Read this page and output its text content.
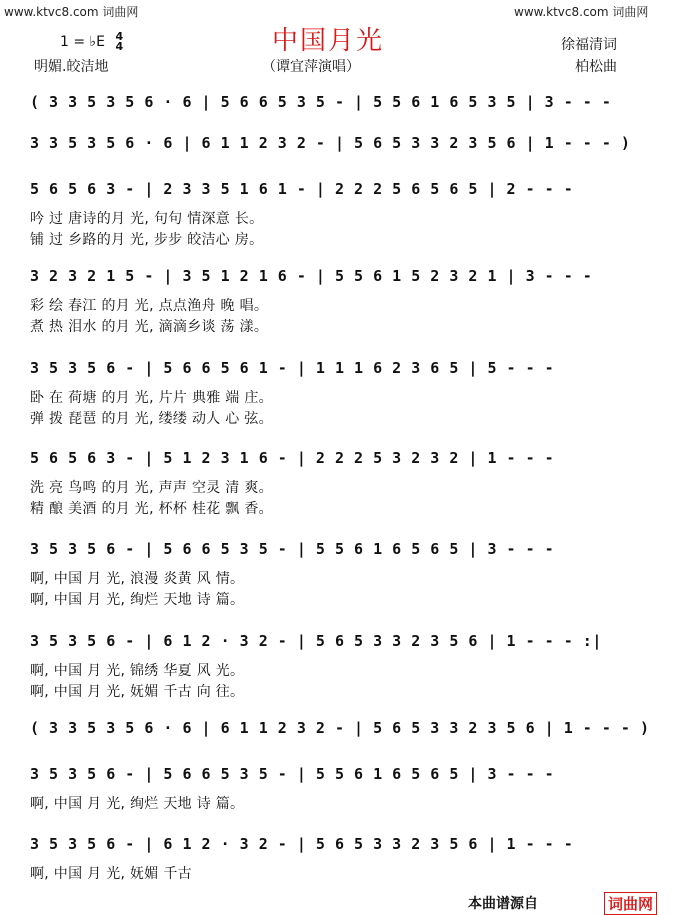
www.ktvc8.com 词曲网	www.ktvc8.com 词曲网
中国月光
1 = ♭E 4
4
明媚.皎洁地	（谭宜萍演唱）
徐福清词
柏松曲
( 3 3 5 3 5 6 · 6 | 5 6 6 5 3 5 - | 5 5 6 1 6 5 3 5 | 3 - - -
3 3 5 3 5 6 · 6 | 6 1 1 2 3 2 - | 5 6 5 3 3 2 3 5 6 | 1 - - - )
5 6 5 6 3 - | 2 3 3 5 1 6 1 - | 2 2 2 5 6 5 6 5 | 2 - - -
吟 过 唐诗的月 光, 句句 情深意 长。
铺 过 乡路的月 光, 步步 皎洁心 房。
3 2 3 2 1 5 - | 3 5 1 2 1 6 - | 5 5 6 1 5 2 3 2 1 | 3 - - -
彩 绘 春江 的月 光, 点点渔舟 晚 唱。
煮 热 泪水 的月 光, 滴滴乡谈 荡 漾。
3 5 3 5 6 - | 5 6 6 5 6 1 - | 1 1 1 6 2 3 6 5 | 5 - - -
卧 在 荷塘 的月 光, 片片 典雅 端 庄。
弹 拨 琵琶 的月 光, 缕缕 动人 心 弦。
5 6 5 6 3 - | 5 1 2 3 1 6 - | 2 2 2 5 3 2 3 2 | 1 - - -
洗 亮 鸟鸣 的月 光, 声声 空灵 清 爽。
精 酿 美酒 的月 光, 杯杯 桂花 飘 香。
3 5 3 5 6 - | 5 6 6 5 3 5 - | 5 5 6 1 6 5 6 5 | 3 - - -
啊, 中国 月 光, 浪漫 炎黄 风 情。
啊, 中国 月 光, 绚烂 天地 诗 篇。
3 5 3 5 6 - | 6 1 2 · 3 2 - | 5 6 5 3 3 2 3 5 6 | 1 - - - :|
啊, 中国 月 光, 锦绣 华夏 风 光。
啊, 中国 月 光, 妩媚 千古 向 往。
( 3 3 5 3 5 6 · 6 | 6 1 1 2 3 2 - | 5 6 5 3 3 2 3 5 6 | 1 - - - )
3 5 3 5 6 - | 5 6 6 5 3 5 - | 5 5 6 1 6 5 6 5 | 3 - - -
啊, 中国 月 光, 绚烂 天地 诗 篇。
3 5 3 5 6 - | 6 1 2 · 3 2 - | 5 6 5 3 3 2 3 5 6 | 1 - - -
啊, 中国 月 光, 妩媚 千古
本曲谱源自	词曲网
